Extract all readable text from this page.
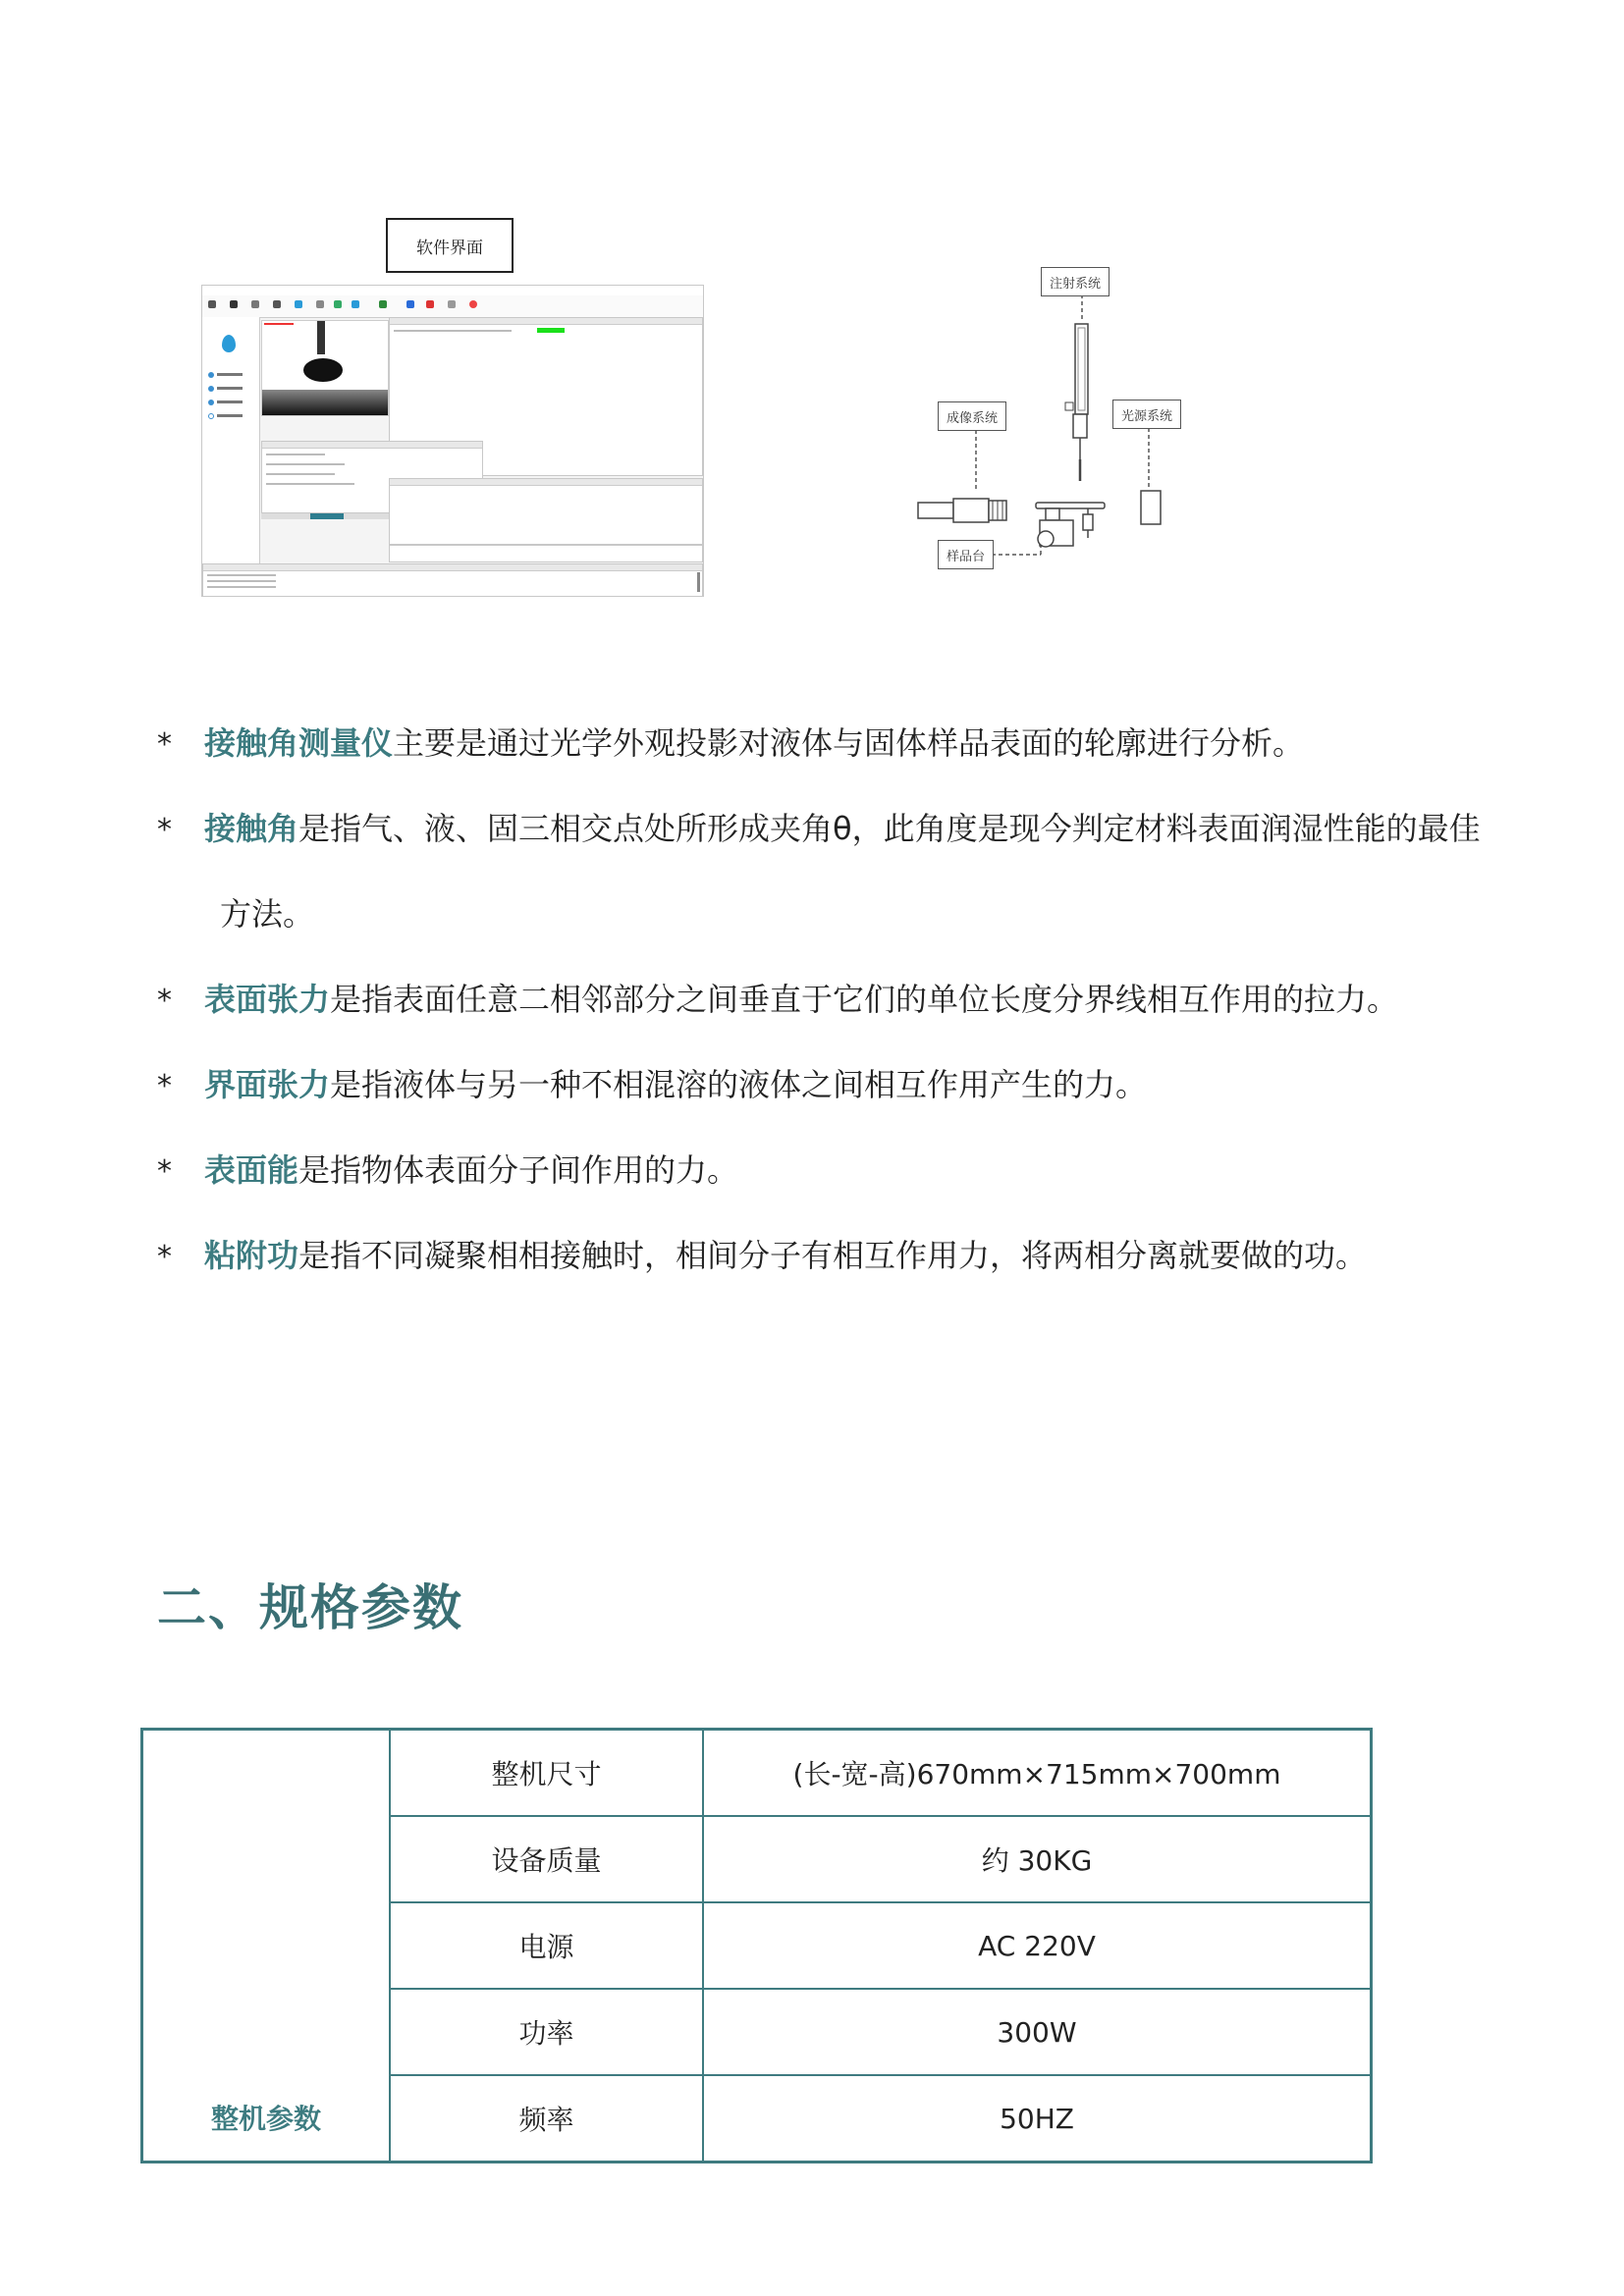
软件界面
注射系统
成像系统	光源系统
样品台
* 接触角测量仪主要是通过光学外观投影对液体与固体样品表面的轮廓进行分析。
* 接触角是指气、液、固三相交点处所形成夹角θ，此角度是现今判定材料表面润湿性能的最佳
方法。
* 表面张力是指表面任意二相邻部分之间垂直于它们的单位长度分界线相互作用的拉力。
* 界面张力是指液体与另一种不相混溶的液体之间相互作用产生的力。
* 表面能是指物体表面分子间作用的力。
* 粘附功是指不同凝聚相相接触时，相间分子有相互作用力，将两相分离就要做的功。
二、规格参数
整机参数	整机尺寸	(长-宽-高)670mm×715mm×700mm
	设备质量	约 30KG
	电源	AC 220V
	功率	300W
	频率	50HZ
